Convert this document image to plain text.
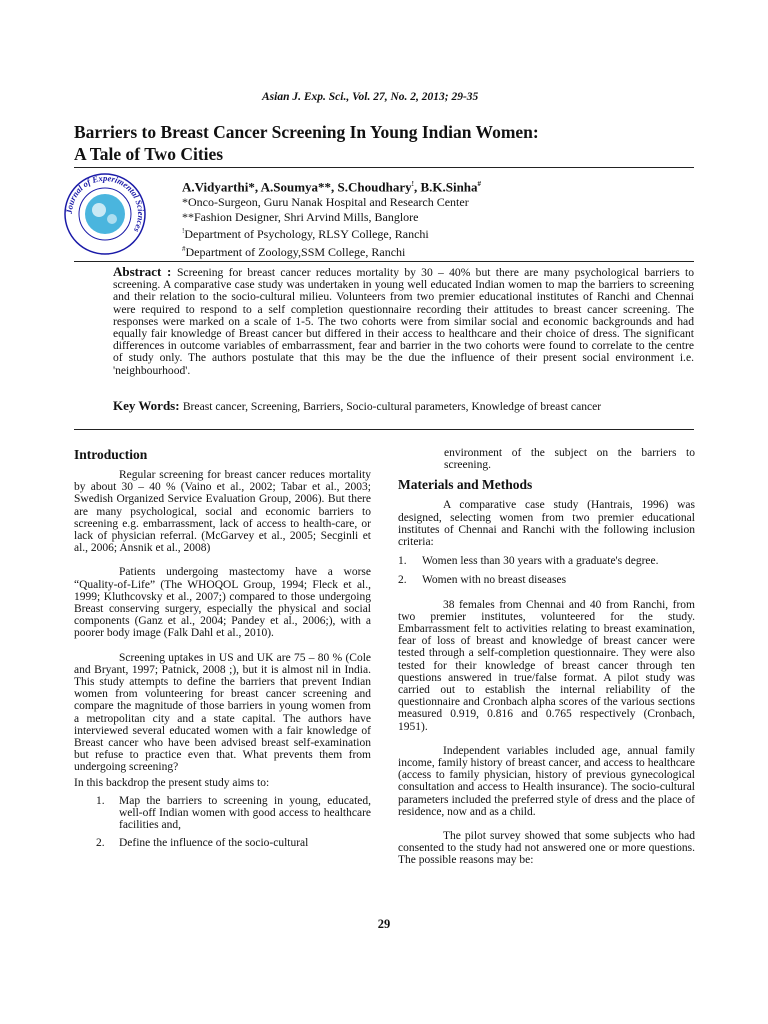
Asian J. Exp. Sci., Vol. 27, No. 2, 2013; 29-35
Barriers to Breast Cancer Screening In Young Indian Women:
A Tale of Two Cities
Journal of Experimental Sciences
A.Vidyarthi*, A.Soumya**, S.Choudhary!, B.K.Sinha#
*Onco-Surgeon, Guru Nanak Hospital and Research Center
**Fashion Designer, Shri Arvind Mills, Banglore
!Department of Psychology, RLSY College, Ranchi
#Department of Zoology,SSM College, Ranchi

Abstract : Screening for breast cancer reduces mortality by 30 – 40% but there are many psychological barriers to screening. A comparative case study was undertaken in young well educated Indian women to map the barriers to screening and their relation to the socio-cultural milieu. Volunteers from two premier educational institutes of Ranchi and Chennai were required to respond to a self completion questionnaire recording their attitudes to breast cancer screening. The responses were marked on a scale of 1-5. The two cohorts were from similar social and economic backgrounds and had equally fair knowledge of Breast cancer but differed in their access to healthcare and their choice of dress. The significant differences in outcome variables of embarrassment, fear and barrier in the two cohorts were found to correlate to the centre of study only. The authors postulate that this may be the due the influence of their present social environment i.e. 'neighbourhood'.

Key Words: Breast cancer, Screening, Barriers, Socio-cultural parameters, Knowledge of breast cancer
Introduction

Regular screening for breast cancer reduces mortality by about 30 – 40 % (Vaino et al., 2002; Tabar et al., 2003; Swedish Organized Service Evaluation Group, 2006). But there are many psychological, social and economic barriers to screening e.g. embarrassment, lack of access to health-care, or lack of physician referral. (McGarvey et al., 2005; Secginli et al., 2006; Ansnik et al., 2008)

Patients undergoing mastectomy have a worse “Quality-of-Life” (The WHOQOL Group, 1994; Fleck et al., 1999; Kluthcovsky et al., 2007;) compared to those undergoing Breast conserving surgery, especially the physical and social components (Ganz et al., 2004; Pandey et al., 2006;), with a poorer body image (Falk Dahl et al., 2010).

Screening uptakes in US and UK are 75 – 80 % (Cole and Bryant, 1997; Patnick, 2008 ;), but it is almost nil in India. This study attempts to define the barriers that prevent Indian women from volunteering for breast cancer screening and compare the magnitude of those barriers in young women from a metropolitan city and a state capital. The authors have interviewed several educated women with a fair knowledge of Breast cancer who have been advised breast self-examination but refuse to practice even that. What prevents them from undergoing screening?

In this backdrop the present study aims to:

1. Map the barriers to screening in young, educated, well-off Indian women with good access to healthcare facilities and,
2. Define the influence of the socio-cultural

environment of the subject on the barriers to screening.

Materials and Methods

A comparative case study (Hantrais, 1996) was designed, selecting women from two premier educational institutes of Chennai and Ranchi with the following inclusion criteria:

1. Women less than 30 years with a graduate's degree.
2. Women with no breast diseases

38 females from Chennai and 40 from Ranchi, from two premier institutes, volunteered for the study. Embarrassment felt to activities relating to breast examination, fear of loss of breast and knowledge of breast cancer were tested through a self-completion questionnaire. They were also tested for their knowledge of breast cancer through ten questions answered in true/false format. A pilot study was carried out to establish the internal reliability of the questionnaire and Cronbach alpha scores of the various sections measured 0.919, 0.816 and 0.765 respectively (Cronbach, 1951).

Independent variables included age, annual family income, family history of breast cancer, and access to healthcare (access to family physician, history of previous gynecological consultation and access to Health insurance). The socio-cultural parameters included the preferred style of dress and the place of residence, now and as a child.

The pilot survey showed that some subjects who had consented to the study had not answered one or more questions. The possible reasons may be:

29
